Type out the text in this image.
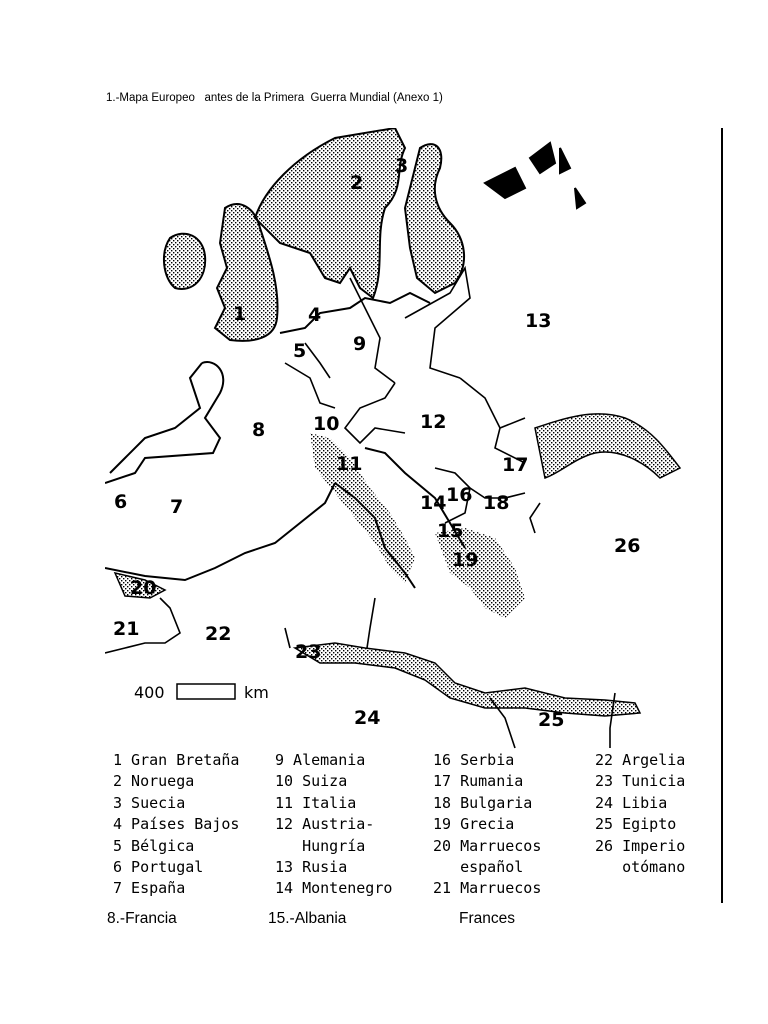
1.-Mapa Europeo   antes de la Primera  Guerra Mundial (Anexo 1)
1
2
3
4
5
6 7
8
9
10
11
12
13
14
15
16
17
18
19
20
21	22
23
24	25
26
400	km
1 Gran Bretaña
2 Noruega
3 Suecia
4 Países Bajos
5 Bélgica
6 Portugal
7 España
9 Alemania
10 Suiza
11 Italia
12 Austria-
Hungría
13 Rusia
14 Montenegro
16 Serbia
17 Rumania
18 Bulgaria
19 Grecia
20 Marruecos
español
21 Marruecos
22 Argelia
23 Tunicia
24 Libia
25 Egipto
26 Imperio
otómano
8.-Francia	15.-Albania	Frances
